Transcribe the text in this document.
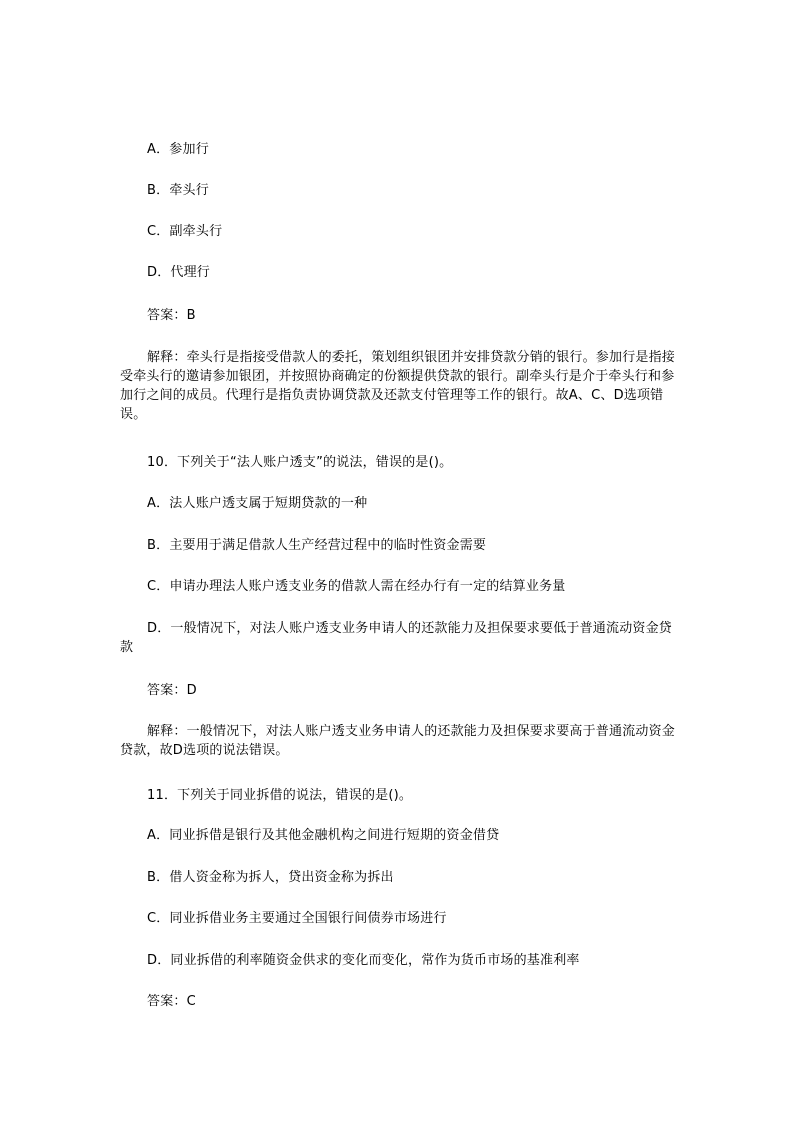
A．参加行
B．牵头行
C．副牵头行
D．代理行
答案：B
解释：牵头行是指接受借款人的委托，策划组织银团并安排贷款分销的银行。参加行是指接受牵头行的邀请参加银团，并按照协商确定的份额提供贷款的银行。副牵头行是介于牵头行和参加行之间的成员。代理行是指负责协调贷款及还款支付管理等工作的银行。故A、C、D选项错误。
10．下列关于“法人账户透支”的说法，错误的是()。
A．法人账户透支属于短期贷款的一种
B．主要用于满足借款人生产经营过程中的临时性资金需要
C．申请办理法人账户透支业务的借款人需在经办行有一定的结算业务量
D．一般情况下，对法人账户透支业务申请人的还款能力及担保要求要低于普通流动资金贷款
答案：D
解释：一般情况下，对法人账户透支业务申请人的还款能力及担保要求要高于普通流动资金贷款，故D选项的说法错误。
11．下列关于同业拆借的说法，错误的是()。
A．同业拆借是银行及其他金融机构之间进行短期的资金借贷
B．借人资金称为拆人，贷出资金称为拆出
C．同业拆借业务主要通过全国银行间债券市场进行
D．同业拆借的利率随资金供求的变化而变化，常作为货币市场的基准利率
答案：C
